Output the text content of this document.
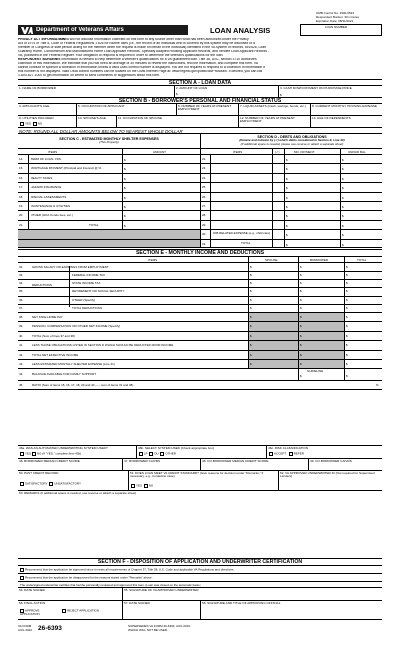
OMB Control No. 2900-0523
Respondent Burden: 30 minutes
Expiration Date: 08/31/2021
Department of Veterans Affairs	LOAN ANALYSIS	LOAN NUMBER
PRIVACY ACT INFORMATION:
The VA will not disclose information collected on this form to any source other than what has been authorized under the Privacy
Act of 1974 or Title 5, Code of Federal Regulations 1.526 for routine uses (i.e., the record of an individual who is covered by this system may be disclosed to a
member of Congress or staff person acting for the member when the request is made on behalf of the individual) identified in the VA system of records, 55VA26, Loan
Guaranty Home, Condominium and Manufactured Home Loan Applicant Records, Specially Adapted Housing Applicant Records, and Vendee Loan Applicant Records -
VA, published in the Federal Register. Your obligation to respond is required in order to determine the veteran's qualifications for the loan.
RESPONDENT BURDEN:
This information is needed to help determine a veteran's qualifications for a VA guaranteed loan. Title 38, USC, section 3710 authorizes
collection of this information. We estimate that you will need an average of 30 minutes to review the instructions, find the information, and complete this form. VA
cannot conduct or sponsor a collection of information unless a valid OMB control number is displayed. You are not required to respond to a collection of information if
this number is not displayed. Valid OMB control numbers can be located on the OMB Internet Page at: www.reginfo.gov/public/do/PRAMain. If desired, you can call
1-800-827-1000 to get information on where to send comments or suggestions about this form.
SECTION A - LOAN DATA
1. NAME OF BORROWER	2. AMOUNT OF LOAN
$
3. CASH DOWN PAYMENT ON PURCHASE PRICE
$
SECTION B - BORROWER'S PERSONAL AND FINANCIAL STATUS
4. APPLICANT'S AGE	5. OCCUPATION OF APPLICANT	6. NUMBER OF YEARS AT PRESENT EMPLOYMENT
7. LIQUID ASSETS (Cash, savings, bonds, etc.)	8. CURRENT MONTHLY HOUSING EXPENSE
9. UTILITIES INCLUDED
YES NO
10. SPOUSE'S AGE	11. OCCUPATION OF SPOUSE	12. NUMBER OF YEARS AT PRESENT EMPLOYMENT
13. AGE OF DEPENDENTS
NOTE: ROUND ALL DOLLAR AMOUNTS BELOW TO NEAREST WHOLE DOLLAR
SECTION C - ESTIMATED MONTHLY SHELTER EXPENSES
(This Property)
SECTION D - DEBTS AND OBLIGATIONS
(Itemize and indicate by (✓) which debts considered in Section E, Line 40)
(If additional space is needed, please use reverse or attach a separate sheet)
ITEMS	AMOUNT	ITEMS	(✓)	MO. PAYMENT	UNPAID BAL.
14. TERM OF LOAN: YRS.	$	22.	$	$
15. MORTGAGE PAYMENT (Principal and Interest) @ %	$	23.	$	$
16. REALTY TAXES	$	24.	$	$
17. HAZARD INSURANCE	$	25.	$	$
18. SPECIAL ASSESSMENTS	$	26.	$	$
19. MAINTENANCE & UTILITIES	$	27.	$	$
20. OTHER (HOA Condo fees, etc.)	$	28.	$	$
21.	TOTAL	$	29.	$	$
30. JOB RELATED EXPENSE (e.g., child care)	$	$
31.	TOTAL	$	$
SECTION E - MONTHLY INCOME AND DEDUCTIONS
ITEMS	SPOUSE	BORROWER	TOTAL
32.	GROSS SALARY OR EARNINGS FROM EMPLOYMENT	$	$	$
33.	FEDERAL INCOME TAX	$	$	$
34.	STATE INCOME TAX	$	$	$
35.	RETIREMENT OR SOCIAL SECURITY	$	$	$
36.	OTHER (Specify)	$	$	$
37.	TOTAL DEDUCTIONS	$	$	$
38.	NET TAKE-HOME PAY	$	$	$
39.	PENSION, COMPENSATION OR OTHER NET INCOME (Specify)	$	$	$
40.	TOTAL (Sum of lines 37 and 38)	$	$	$
41.	LESS THOSE OBLIGATIONS LISTED IN SECTION D WHICH SHOULD BE DEDUCTED FROM INCOME	$	$	$
42.	TOTAL NET EFFECTIVE INCOME	$	$	$
43.	LESS ESTIMATED MONTHLY SHELTER EXPENSE (Line 21)	$	$	$
44.	BALANCE AVAILABLE FOR FAMILY SUPPORT
GUIDELINE
$	$
45.	RATIO (Sum of items 15, 16, 17, 18, 20 and 40 ----- sum of items 31 and 38)	%
DEDUCTIONS
46a. WAS AN AUTOMATED UNDERWRITING SYSTEM USED?
YES NO (If "YES," complete Item 45b)
46b. SELECT SYSTEM USED (Check appropriate box)
LP DU OTHER
46c. RISK CLASSIFICATION
ACCEPT	REFER
48. BORROWER MEDIAN CREDIT SCORE	47. BORROWER CAIVRS	48. CO-BORROWER MEDIAN CREDIT SCORE	49. CO-BORROWER CAIVRS
50. PAST CREDIT RECORD
SATISFACTORY UNSATISFACTORY
51. DOES LOAN MEET VA CREDIT STANDARD? (Give reasons for decision under "Remarks," if necessary, e.g., borderline case)
YES NO
52. VA APPROVED UNDERWRITER ID (Not required for Supervised Lenders)
53. REMARKS (If additional space is needed, use reverse or attach a separate sheet)
SECTION F - DISPOSITION OF APPLICATION AND UNDERWRITER CERTIFICATION
Recommend that the application be approved since it meets all requirements of Chapter 37, Title 38, U.S. Code and applicable VA Regulations and directives.
Recommend that the application be disapproved for the reasons stated under "Remarks" above.
The undersigned underwriter certifies that he/she personally reviewed and approved this loan. (Loan was closed on the automatic basis.)
54. DATE SIGNED	55. SIGNATURE OF VA APPROVED UNDERWRITER
56. FINAL ACTION
APPROVE APPLICATION
REJECT APPLICATION
57. DATE SIGNED	58. SIGNATURE AND TITLE OF APPROVING OFFICIAL
VA FORM
AUG 2022 26-6393	SUPERSEDES VA FORM 26-6393, AUG 2019,
WHICH WILL NOT BE USED.
